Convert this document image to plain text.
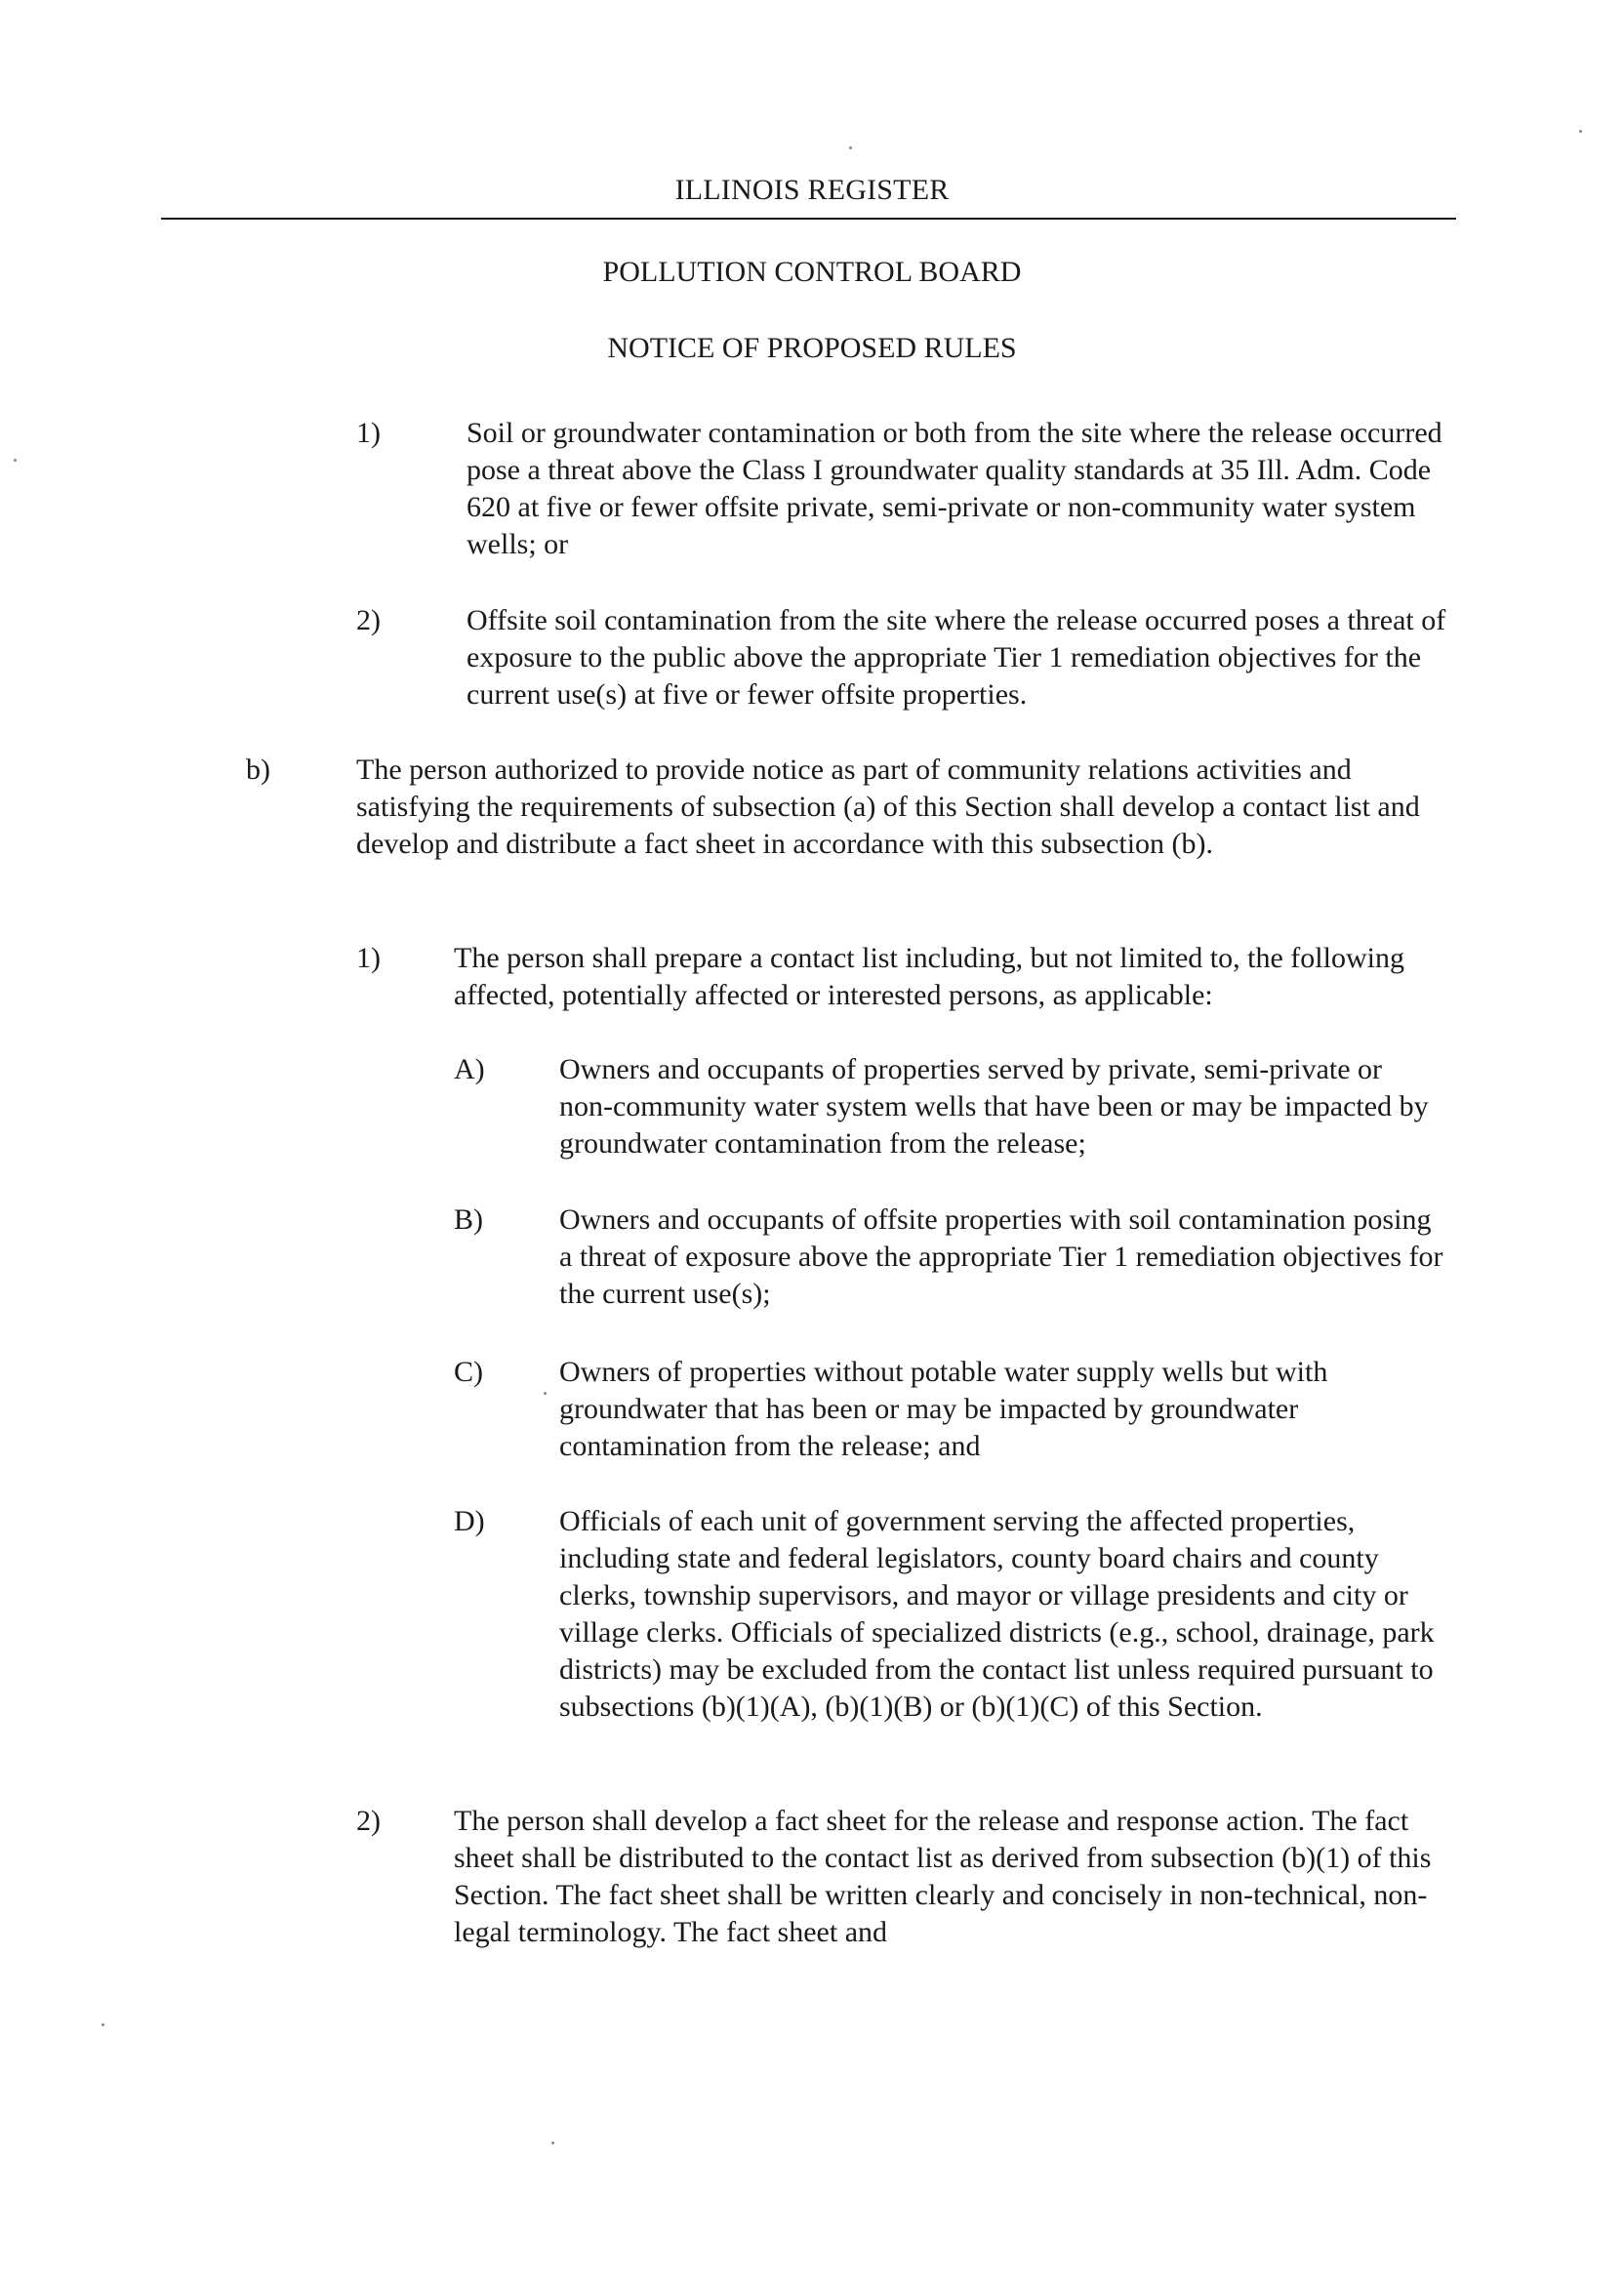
ILLINOIS REGISTER
POLLUTION CONTROL BOARD
NOTICE OF PROPOSED RULES
1)	Soil or groundwater contamination or both from the site where the release occurred pose a threat above the Class I groundwater quality standards at 35 Ill. Adm. Code 620 at five or fewer offsite private, semi-private or non-community water system wells; or
2)	Offsite soil contamination from the site where the release occurred poses a threat of exposure to the public above the appropriate Tier 1 remediation objectives for the current use(s) at five or fewer offsite properties.
b)	The person authorized to provide notice as part of community relations activities and satisfying the requirements of subsection (a) of this Section shall develop a contact list and develop and distribute a fact sheet in accordance with this subsection (b).
1)	The person shall prepare a contact list including, but not limited to, the following affected, potentially affected or interested persons, as applicable:
A)	Owners and occupants of properties served by private, semi-private or non-community water system wells that have been or may be impacted by groundwater contamination from the release;
B)	Owners and occupants of offsite properties with soil contamination posing a threat of exposure above the appropriate Tier 1 remediation objectives for the current use(s);
C)	Owners of properties without potable water supply wells but with groundwater that has been or may be impacted by groundwater contamination from the release; and
D)	Officials of each unit of government serving the affected properties, including state and federal legislators, county board chairs and county clerks, township supervisors, and mayor or village presidents and city or village clerks. Officials of specialized districts (e.g., school, drainage, park districts) may be excluded from the contact list unless required pursuant to subsections (b)(1)(A), (b)(1)(B) or (b)(1)(C) of this Section.
2)	The person shall develop a fact sheet for the release and response action. The fact sheet shall be distributed to the contact list as derived from subsection (b)(1) of this Section. The fact sheet shall be written clearly and concisely in non-technical, non-legal terminology. The fact sheet and
